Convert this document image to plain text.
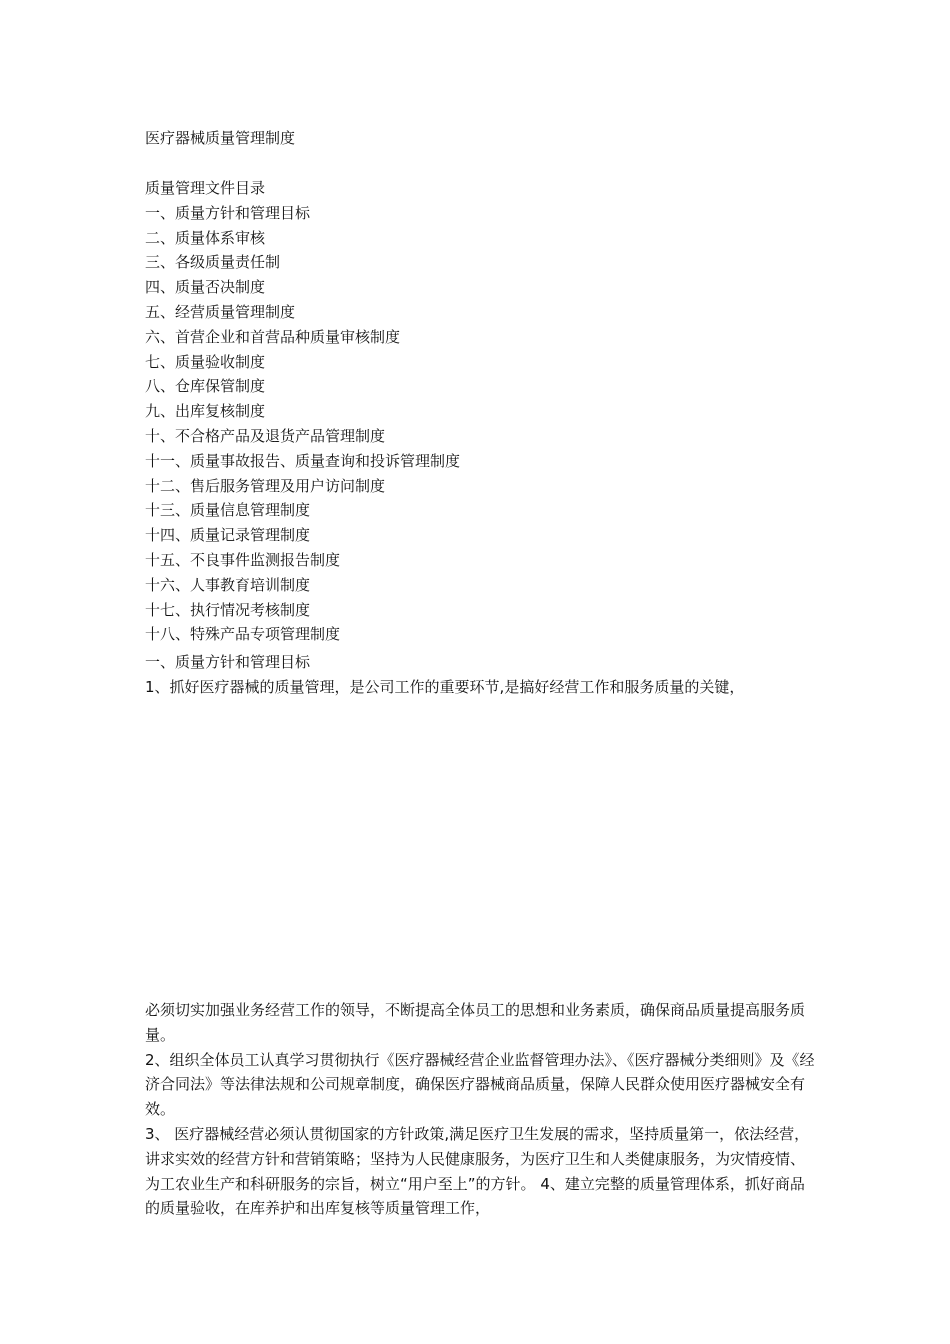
医疗器械质量管理制度
质量管理文件目录
一、质量方针和管理目标
二、质量体系审核
三、各级质量责任制
四、质量否决制度
五、经营质量管理制度
六、首营企业和首营品种质量审核制度
七、质量验收制度
八、仓库保管制度
九、出库复核制度
十、不合格产品及退货产品管理制度
十一、质量事故报告、质量查询和投诉管理制度
十二、售后服务管理及用户访问制度
十三、质量信息管理制度
十四、质量记录管理制度
十五、不良事件监测报告制度
十六、人事教育培训制度
十七、执行情况考核制度
十八、特殊产品专项管理制度
一、质量方针和管理目标
1、抓好医疗器械的质量管理，是公司工作的重要环节,是搞好经营工作和服务质量的关键，
必须切实加强业务经营工作的领导，不断提高全体员工的思想和业务素质，确保商品质量提高服务质量。
2、组织全体员工认真学习贯彻执行《医疗器械经营企业监督管理办法》、《医疗器械分类细则》及《经济合同法》等法律法规和公司规章制度，确保医疗器械商品质量，保障人民群众使用医疗器械安全有效。
3、 医疗器械经营必须认贯彻国家的方针政策,满足医疗卫生发展的需求，坚持质量第一，依法经营，讲求实效的经营方针和营销策略；坚持为人民健康服务，为医疗卫生和人类健康服务，为灾情疫情、为工农业生产和科研服务的宗旨，树立“用户至上”的方针。 4、建立完整的质量管理体系，抓好商品的质量验收，在库养护和出库复核等质量管理工作，
